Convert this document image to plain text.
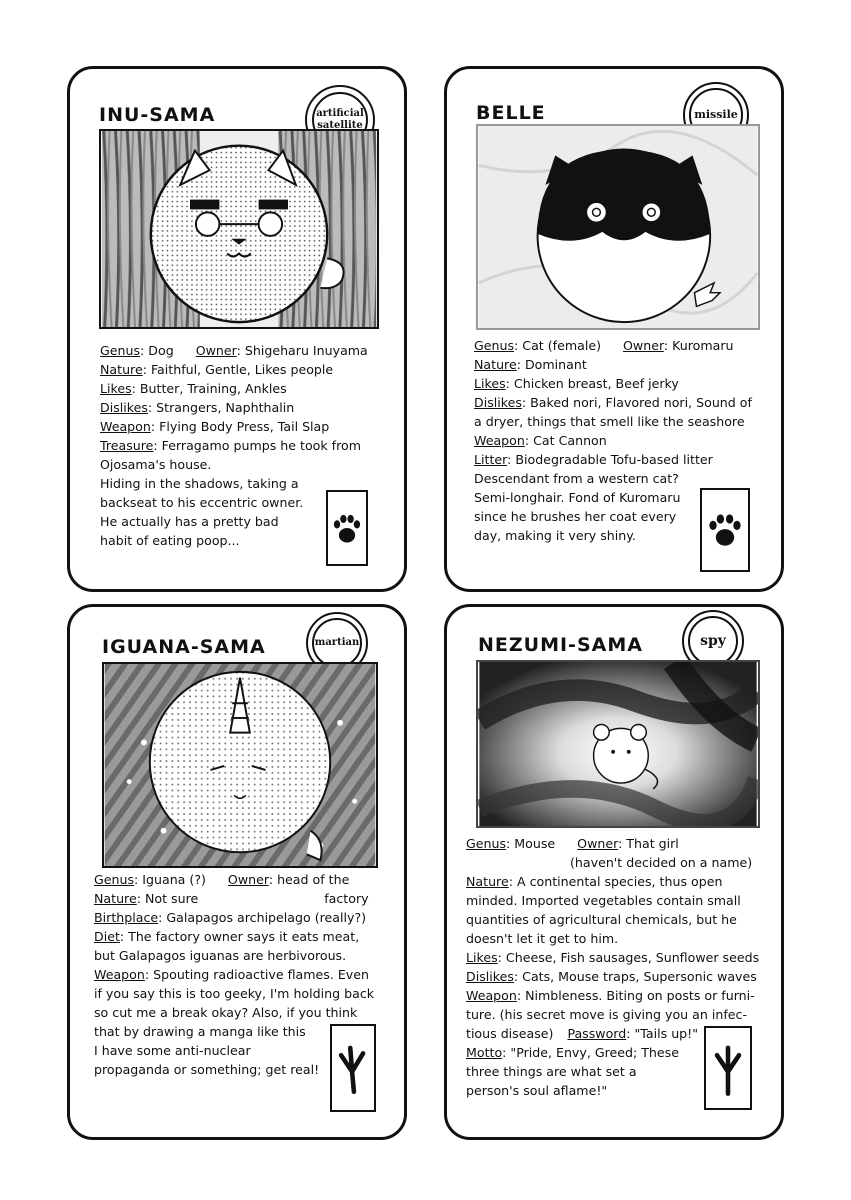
INU-SAMA	artificial satellite
Genus: Dog Owner: Shigeharu Inuyama
Nature: Faithful, Gentle, Likes people
Likes: Butter, Training, Ankles
Dislikes: Strangers, Naphthalin
Weapon: Flying Body Press, Tail Slap
Treasure: Ferragamo pumps he took from
Ojosama's house.
Hiding in the shadows, taking a
backseat to his eccentric owner.
He actually has a pretty bad
habit of eating poop...
BELLE	missile
Genus: Cat (female) Owner: Kuromaru
Nature: Dominant
Likes: Chicken breast, Beef jerky
Dislikes: Baked nori, Flavored nori, Sound of
a dryer, things that smell like the seashore
Weapon: Cat Cannon
Litter: Biodegradable Tofu-based litter
Descendant from a western cat?
Semi-longhair. Fond of Kuromaru
since he brushes her coat every
day, making it very shiny.
IGUANA-SAMA	martian
Genus: Iguana (?) Owner: head of the
Nature: Not sure	factory
Birthplace: Galapagos archipelago (really?)
Diet: The factory owner says it eats meat,
but Galapagos iguanas are herbivorous.
Weapon: Spouting radioactive flames. Even
if you say this is too geeky, I'm holding back
so cut me a break okay? Also, if you think
that by drawing a manga like this
I have some anti-nuclear
propaganda or something; get real!
NEZUMI-SAMA	spy
Genus: Mouse Owner: That girl
(haven't decided on a name)
Nature: A continental species, thus open
minded. Imported vegetables contain small
quantities of agricultural chemicals, but he
doesn't let it get to him.
Likes: Cheese, Fish sausages, Sunflower seeds
Dislikes: Cats, Mouse traps, Supersonic waves
Weapon: Nimbleness. Biting on posts or furni-
ture. (his secret move is giving you an infec-
tious disease) Password: "Tails up!"
Motto: "Pride, Envy, Greed; These
three things are what set a
person's soul aflame!"
